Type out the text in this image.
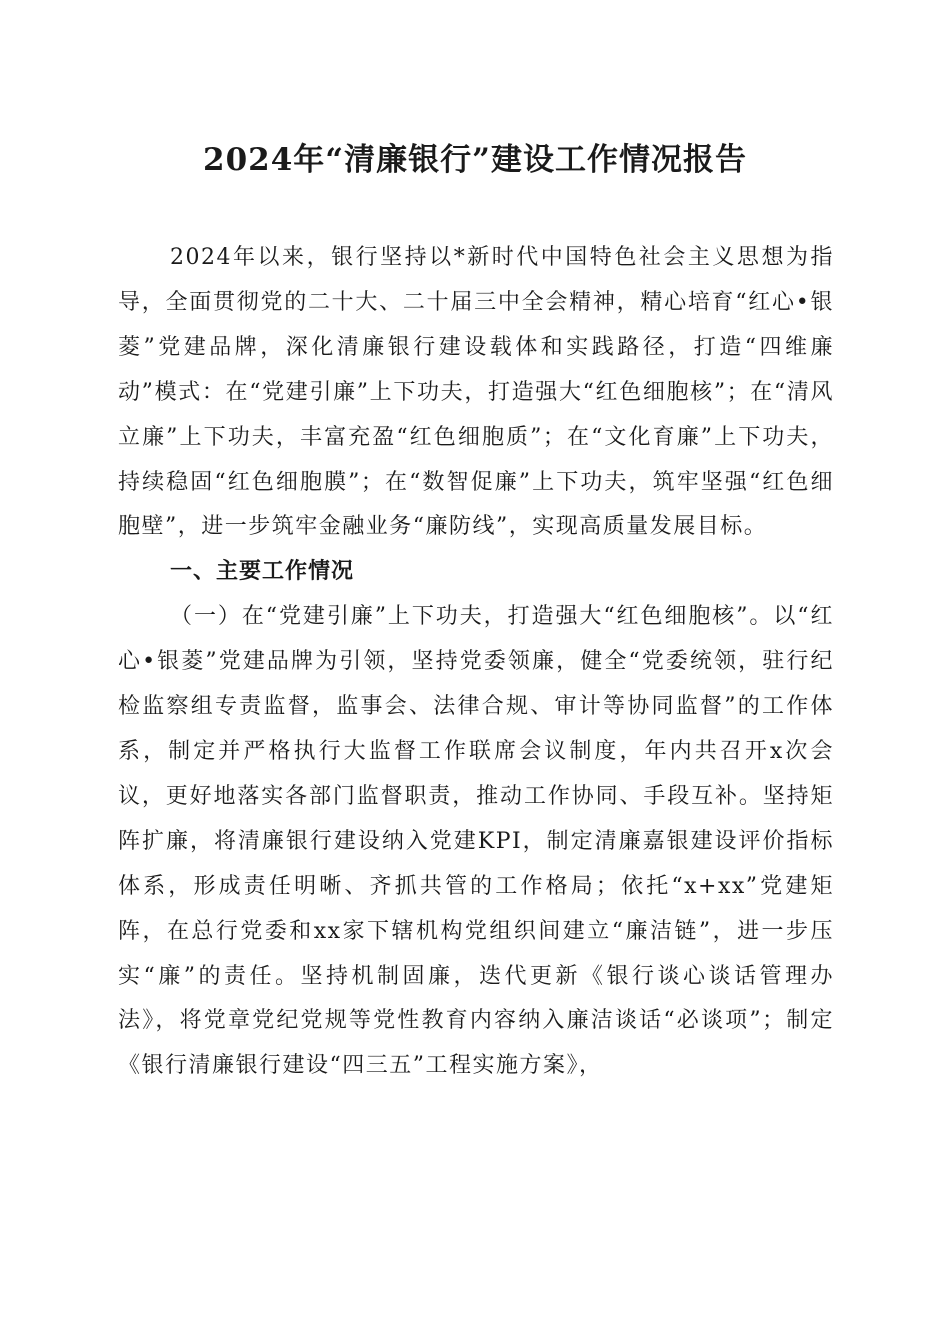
2024年“清廉银行”建设工作情况报告

2024年以来，银行坚持以*新时代中国特色社会主义思想为指导，全面贯彻党的二十大、二十届三中全会精神，精心培育“红心•银菱”党建品牌，深化清廉银行建设载体和实践路径，打造“四维廉动”模式：在“党建引廉”上下功夫，打造强大“红色细胞核”；在“清风立廉”上下功夫，丰富充盈“红色细胞质”；在“文化育廉”上下功夫，持续稳固“红色细胞膜”；在“数智促廉”上下功夫，筑牢坚强“红色细胞壁”，进一步筑牢金融业务“廉防线”，实现高质量发展目标。

一、主要工作情况

（一）在“党建引廉”上下功夫，打造强大“红色细胞核”。以“红心•银菱”党建品牌为引领，坚持党委领廉，健全“党委统领，驻行纪检监察组专责监督，监事会、法律合规、审计等协同监督”的工作体系，制定并严格执行大监督工作联席会议制度，年内共召开x次会议，更好地落实各部门监督职责，推动工作协同、手段互补。坚持矩阵扩廉，将清廉银行建设纳入党建KPI，制定清廉嘉银建设评价指标体系，形成责任明晰、齐抓共管的工作格局；依托“x+xx”党建矩阵，在总行党委和xx家下辖机构党组织间建立“廉洁链”，进一步压实“廉”的责任。坚持机制固廉，迭代更新《银行谈心谈话管理办法》，将党章党纪党规等党性教育内容纳入廉洁谈话“必谈项”；制定《银行清廉银行建设“四三五”工程实施方案》，
